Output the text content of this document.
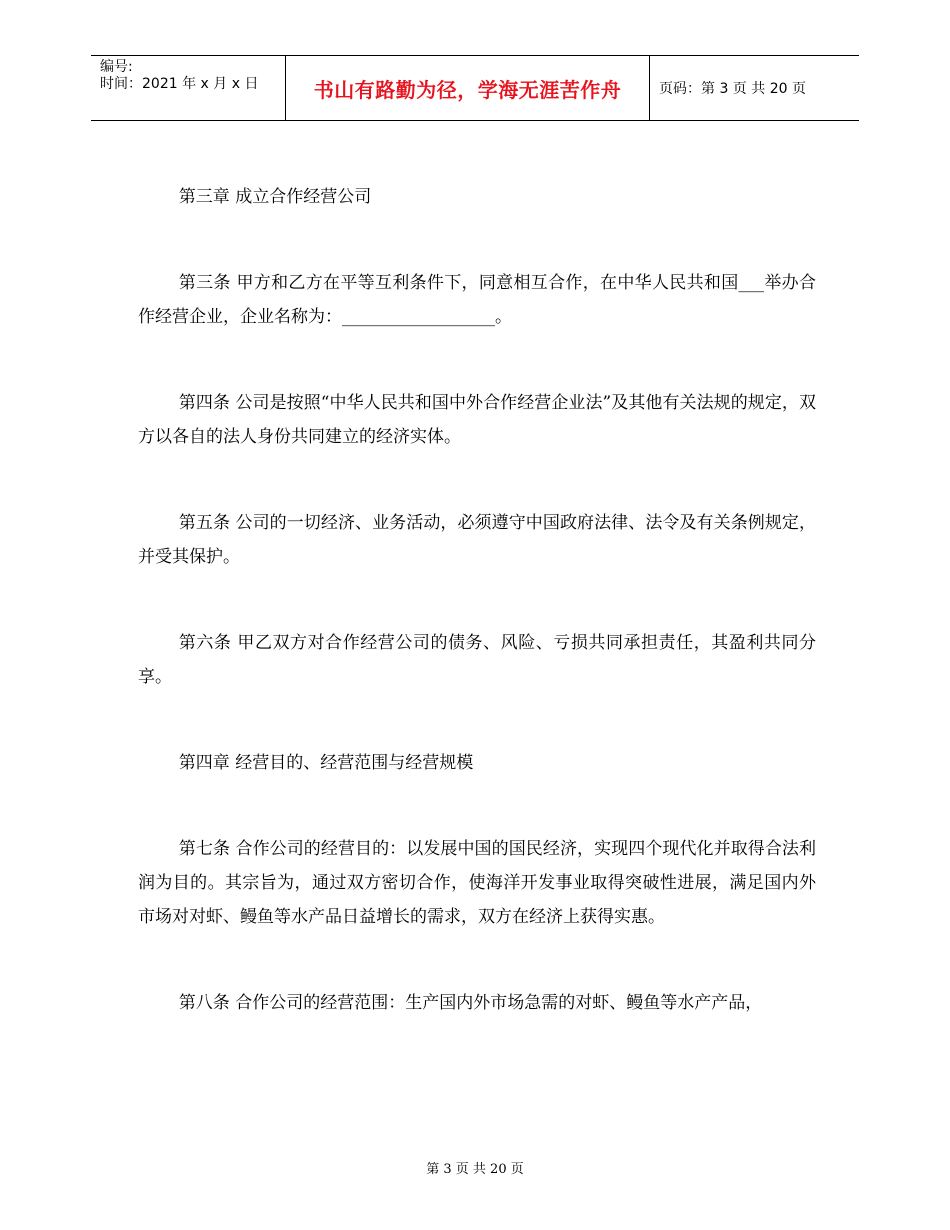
编号:
时间：2021 年 x 月 x 日	书山有路勤为径，学海无涯苦作舟	页码：第 3 页 共 20 页

第三章 成立合作经营公司

第三条 甲方和乙方在平等互利条件下，同意相互合作，在中华人民共和国___举办合作经营企业，企业名称为：__________________。

第四条 公司是按照“中华人民共和国中外合作经营企业法”及其他有关法规的规定，双方以各自的法人身份共同建立的经济实体。

第五条 公司的一切经济、业务活动，必须遵守中国政府法律、法令及有关条例规定，并受其保护。

第六条 甲乙双方对合作经营公司的债务、风险、亏损共同承担责任，其盈利共同分享。

第四章 经营目的、经营范围与经营规模

第七条 合作公司的经营目的：以发展中国的国民经济，实现四个现代化并取得合法利润为目的。其宗旨为，通过双方密切合作，使海洋开发事业取得突破性进展，满足国内外市场对对虾、鳗鱼等水产品日益增长的需求，双方在经济上获得实惠。

第八条 合作公司的经营范围：生产国内外市场急需的对虾、鳗鱼等水产产品，

第 3 页 共 20 页
